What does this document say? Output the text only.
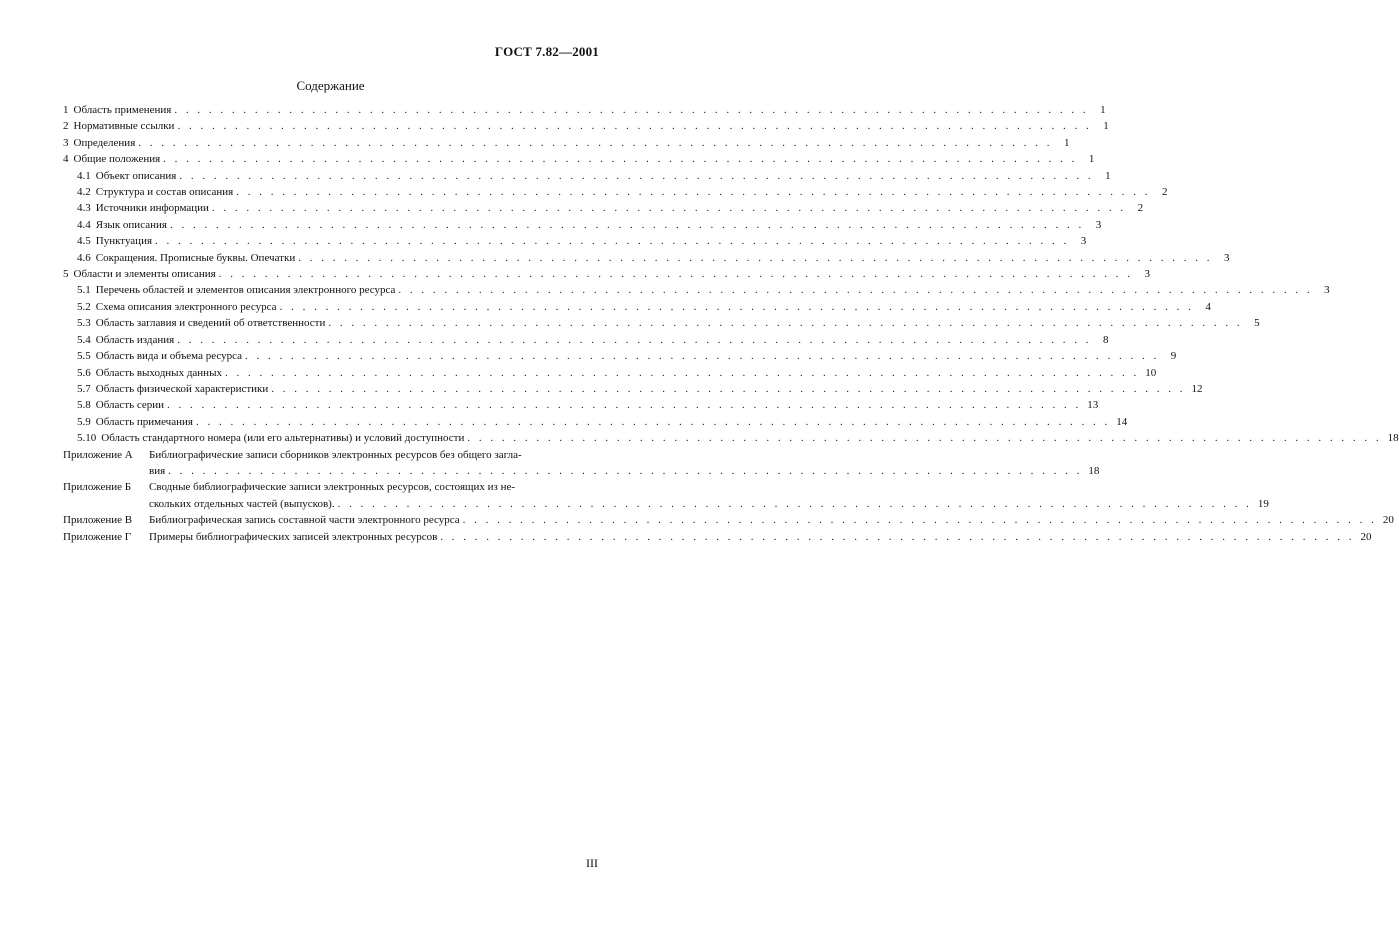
ГОСТ 7.82—2001
Содержание
1 Область применения . . . . . . . . . . . . . . . . . . . . . . . . . . . . . . . . . . . . . . . . . . . . . . . . . . . . . . . . . . . . . . . . . . . . . . . . . . . . . . . .	1
2 Нормативные ссылки . . . . . . . . . . . . . . . . . . . . . . . . . . . . . . . . . . . . . . . . . . . . . . . . . . . . . . . . . . . . . . . . . . . . . . . . . . . . . . . .	1
3 Определения . . . . . . . . . . . . . . . . . . . . . . . . . . . . . . . . . . . . . . . . . . . . . . . . . . . . . . . . . . . . . . . . . . . . . . . . . . . . . . . .	1
4 Общие положения . . . . . . . . . . . . . . . . . . . . . . . . . . . . . . . . . . . . . . . . . . . . . . . . . . . . . . . . . . . . . . . . . . . . . . . . . . . . . . . .	1
4.1 Объект описания . . . . . . . . . . . . . . . . . . . . . . . . . . . . . . . . . . . . . . . . . . . . . . . . . . . . . . . . . . . . . . . . . . . . . . . . . . . . . . . .	1
4.2 Структура и состав описания . . . . . . . . . . . . . . . . . . . . . . . . . . . . . . . . . . . . . . . . . . . . . . . . . . . . . . . . . . . . . . . . . . . . . . . . . . . . . . . .	2
4.3 Источники информации . . . . . . . . . . . . . . . . . . . . . . . . . . . . . . . . . . . . . . . . . . . . . . . . . . . . . . . . . . . . . . . . . . . . . . . . . . . . . . . .	2
4.4 Язык описания . . . . . . . . . . . . . . . . . . . . . . . . . . . . . . . . . . . . . . . . . . . . . . . . . . . . . . . . . . . . . . . . . . . . . . . . . . . . . . . .	3
4.5 Пунктуация . . . . . . . . . . . . . . . . . . . . . . . . . . . . . . . . . . . . . . . . . . . . . . . . . . . . . . . . . . . . . . . . . . . . . . . . . . . . . . . .	3
4.6 Сокращения. Прописные буквы. Опечатки . . . . . . . . . . . . . . . . . . . . . . . . . . . . . . . . . . . . . . . . . . . . . . . . . . . . . . . . . . . . . . . . . . . . . . . . . . . . . . . .	3
5 Области и элементы описания . . . . . . . . . . . . . . . . . . . . . . . . . . . . . . . . . . . . . . . . . . . . . . . . . . . . . . . . . . . . . . . . . . . . . . . . . . . . . . . .	3
5.1 Перечень областей и элементов описания электронного ресурса . . . . . . . . . . . . . . . . . . . . . . . . . . . . . . . . . . . . . . . . . . . . . . . . . . . . . . . . . . . . . . . . . . . . . . . . . . . . . . . .	3
5.2 Схема описания электронного ресурса . . . . . . . . . . . . . . . . . . . . . . . . . . . . . . . . . . . . . . . . . . . . . . . . . . . . . . . . . . . . . . . . . . . . . . . . . . . . . . . .	4
5.3 Область заглавия и сведений об ответственности . . . . . . . . . . . . . . . . . . . . . . . . . . . . . . . . . . . . . . . . . . . . . . . . . . . . . . . . . . . . . . . . . . . . . . . . . . . . . . . .	5
5.4 Область издания . . . . . . . . . . . . . . . . . . . . . . . . . . . . . . . . . . . . . . . . . . . . . . . . . . . . . . . . . . . . . . . . . . . . . . . . . . . . . . . .	8
5.5 Область вида и объема ресурса . . . . . . . . . . . . . . . . . . . . . . . . . . . . . . . . . . . . . . . . . . . . . . . . . . . . . . . . . . . . . . . . . . . . . . . . . . . . . . . .	9
5.6 Область выходных данных . . . . . . . . . . . . . . . . . . . . . . . . . . . . . . . . . . . . . . . . . . . . . . . . . . . . . . . . . . . . . . . . . . . . . . . . . . . . . . . . 10
5.7 Область физической характеристики . . . . . . . . . . . . . . . . . . . . . . . . . . . . . . . . . . . . . . . . . . . . . . . . . . . . . . . . . . . . . . . . . . . . . . . . . . . . . . . . 12
5.8 Область серии . . . . . . . . . . . . . . . . . . . . . . . . . . . . . . . . . . . . . . . . . . . . . . . . . . . . . . . . . . . . . . . . . . . . . . . . . . . . . . . . 13
5.9 Область примечания . . . . . . . . . . . . . . . . . . . . . . . . . . . . . . . . . . . . . . . . . . . . . . . . . . . . . . . . . . . . . . . . . . . . . . . . . . . . . . . . 14
5.10 Область стандартного номера (или его альтернативы) и условий доступности . . . . . . . . . . . . . . . . . . . . . . . . . . . . . . . . . . . . . . . . . . . . . . . . . . . . . . . . . . . . . . . . . . . . . . . . . . . . . . . . 18
Приложение А	Библиографические записи сборников электронных ресурсов без общего загла-
вия . . . . . . . . . . . . . . . . . . . . . . . . . . . . . . . . . . . . . . . . . . . . . . . . . . . . . . . . . . . . . . . . . . . . . . . . . . . . . . . . 18
Приложение Б	Сводные библиографические записи электронных ресурсов, состоящих из не-
скольких отдельных частей (выпусков). . . . . . . . . . . . . . . . . . . . . . . . . . . . . . . . . . . . . . . . . . . . . . . . . . . . . . . . . . . . . . . . . . . . . . . . . . . . . . . . . 19
Приложение В	Библиографическая запись составной части электронного ресурса . . . . . . . . . . . . . . . . . . . . . . . . . . . . . . . . . . . . . . . . . . . . . . . . . . . . . . . . . . . . . . . . . . . . . . . . . . . . . . . . 20
Приложение Г	Примеры библиографических записей электронных ресурсов . . . . . . . . . . . . . . . . . . . . . . . . . . . . . . . . . . . . . . . . . . . . . . . . . . . . . . . . . . . . . . . . . . . . . . . . . . . . . . . . 20
III
